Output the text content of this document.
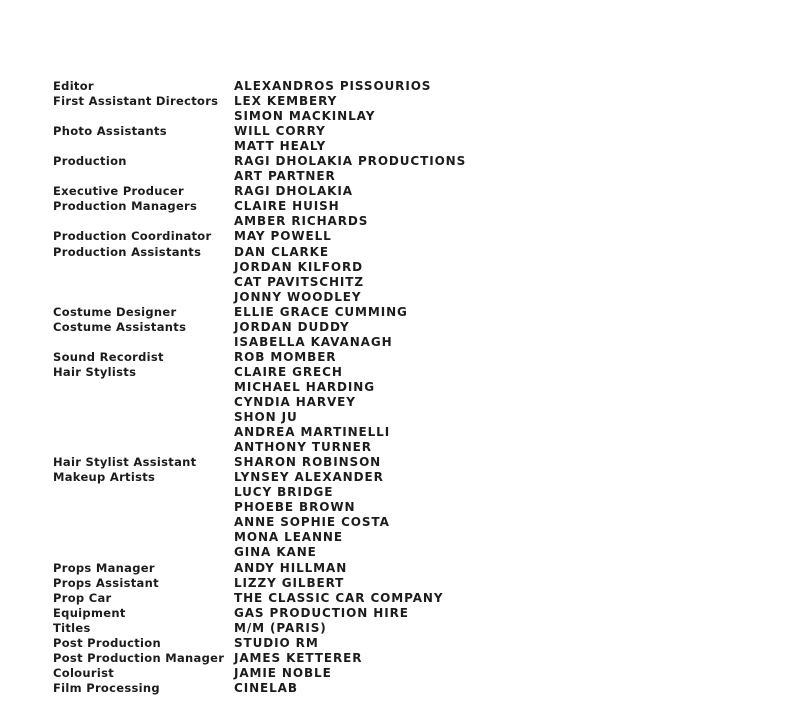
Editor	ALEXANDROS PISSOURIOS
First Assistant Directors	LEX KEMBERY
SIMON MACKINLAY
Photo Assistants	WILL CORRY
MATT HEALY
Production	RAGI DHOLAKIA PRODUCTIONS
ART PARTNER
Executive Producer	RAGI DHOLAKIA
Production Managers	CLAIRE HUISH
AMBER RICHARDS
Production Coordinator	MAY POWELL
Production Assistants	DAN CLARKE
JORDAN KILFORD
CAT PAVITSCHITZ
JONNY WOODLEY
Costume Designer	ELLIE GRACE CUMMING
Costume Assistants	JORDAN DUDDY
ISABELLA KAVANAGH
Sound Recordist	ROB MOMBER
Hair Stylists	CLAIRE GRECH
MICHAEL HARDING
CYNDIA HARVEY
SHON JU
ANDREA MARTINELLI
ANTHONY TURNER
Hair Stylist Assistant	SHARON ROBINSON
Makeup Artists	LYNSEY ALEXANDER
LUCY BRIDGE
PHOEBE BROWN
ANNE SOPHIE COSTA
MONA LEANNE
GINA KANE
Props Manager	ANDY HILLMAN
Props Assistant	LIZZY GILBERT
Prop Car	THE CLASSIC CAR COMPANY
Equipment	GAS PRODUCTION HIRE
Titles	M/M (PARIS)
Post Production	STUDIO RM
Post Production Manager JAMES KETTERER
Colourist	JAMIE NOBLE
Film Processing	CINELAB
